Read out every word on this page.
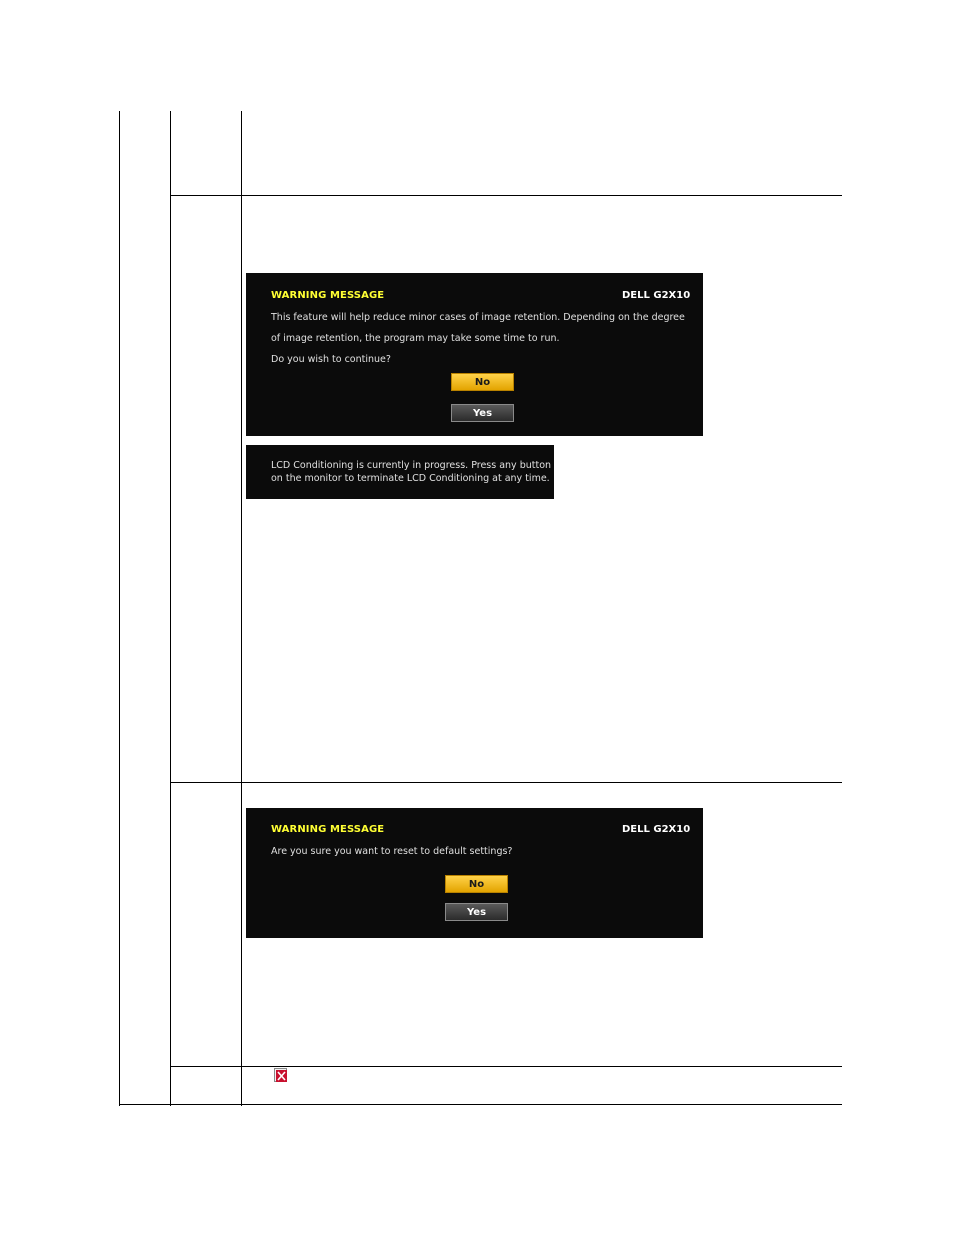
WARNING MESSAGE	DELL G2X10
This feature will help reduce minor cases of image retention. Depending on the degree
of image retention, the program may take some time to run.
Do you wish to continue?
No
Yes
LCD Conditioning is currently in progress. Press any button
on the monitor to terminate LCD Conditioning at any time.
WARNING MESSAGE	DELL G2X10
Are you sure you want to reset to default settings?
No
Yes
